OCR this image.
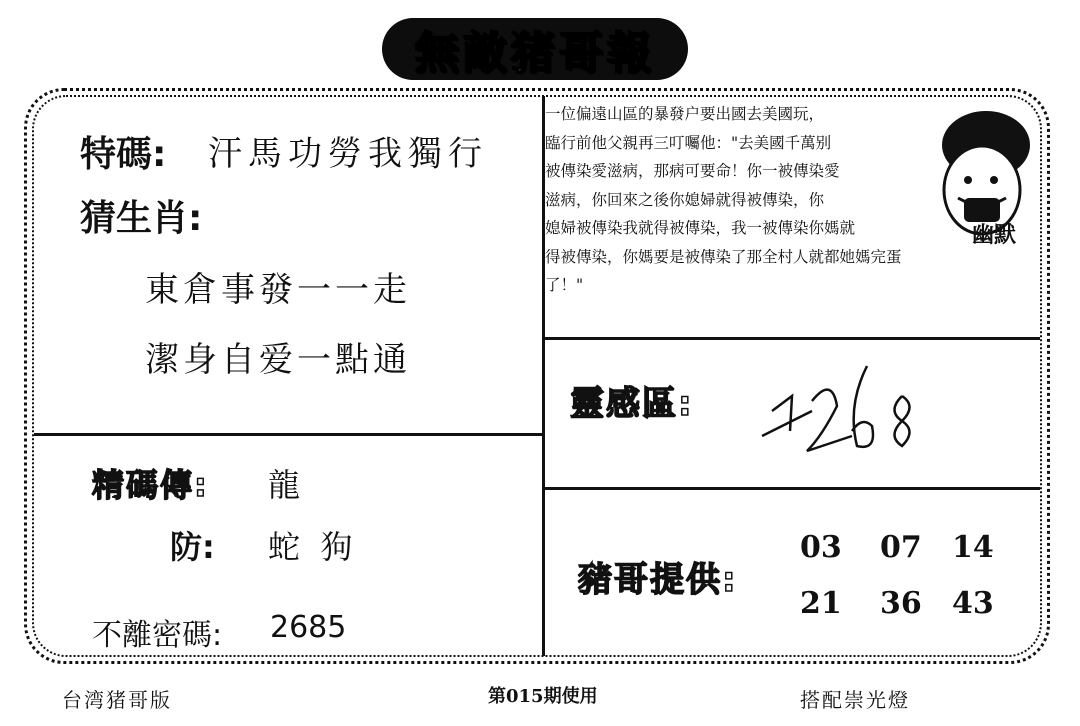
無敵猪哥報
特碼: 汗馬功勞我獨行
猜生肖:
東倉事發一一走
潔身自爱一點通
精碼傳: 龍
防: 蛇  狗
不離密碼: 2685
一位偏遠山區的暴發户要出國去美國玩，
臨行前他父親再三叮囑他："去美國千萬别
被傳染愛滋病，那病可要命！你一被傳染愛
滋病，你回來之後你媳婦就得被傳染，你
媳婦被傳染我就得被傳染，我一被傳染你媽就
得被傳染，你媽要是被傳染了那全村人就都她媽完蛋
了！"
幽默
靈感區:
豬哥提供:
03 07 14
21 36 43
台湾猪哥版	第015期使用	搭配崇光燈
